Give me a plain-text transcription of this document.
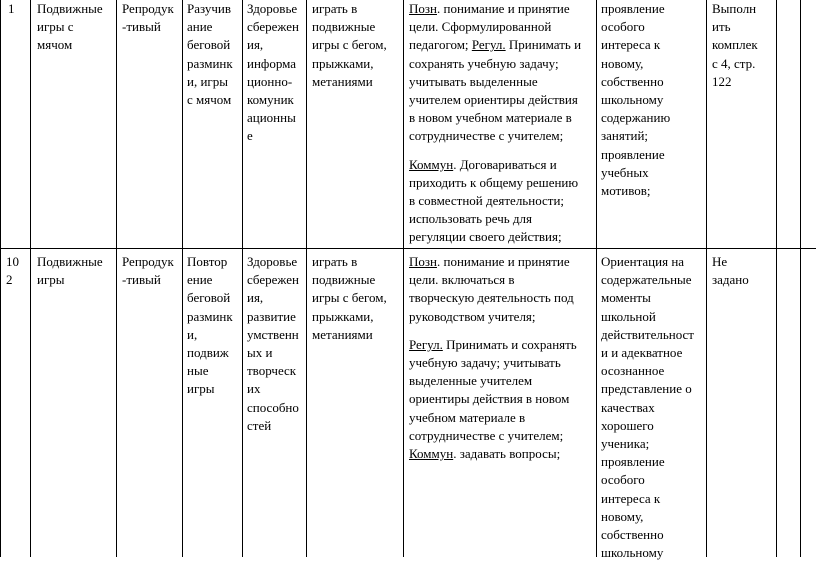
1 Подвижные
игры с
мячом
Репродук
-тивый
Разучив
ание
беговой
разминк
и, игры
с мячом
Здоровье
сбережен
ия,
информа
ционно-
комуник
ационны
е
играть в
подвижные
игры с бегом,
прыжками,
метаниями
Позн. понимание и принятие
цели. Сформулированной
педагогом; Регул. Принимать и
сохранять учебную задачу;
учитывать выделенные
учителем ориентиры действия
в новом учебном материале в
сотрудничестве с учителем;
Коммун. Договариваться и
приходить к общему решению
в совместной деятельности;
использовать речь для
регуляции своего действия;
проявление
особого
интереса к
новому,
собственно
школьному
содержанию
занятий;
проявление
учебных
мотивов;
Выполн
ить
комплек
с 4, стр.
122
10
2
Подвижные
игры
Репродук
-тивый
Повтор
ение
беговой
разминк
и,
подвиж
ные
игры
Здоровье
сбережен
ия,
развитие
умственн
ых и
творческ
их
способно
стей
играть в
подвижные
игры с бегом,
прыжками,
метаниями
Позн. понимание и принятие
цели. включаться в
творческую деятельность под
руководством учителя;
Регул. Принимать и сохранять
учебную задачу; учитывать
выделенные учителем
ориентиры действия в новом
учебном материале в
сотрудничестве с учителем;
Коммун. задавать вопросы;
Ориентация на
содержательные
моменты
школьной
действительност
и и адекватное
осознанное
представление о
качествах
хорошего
ученика;
проявление
особого
интереса к
новому,
собственно
школьному
Не
задано
